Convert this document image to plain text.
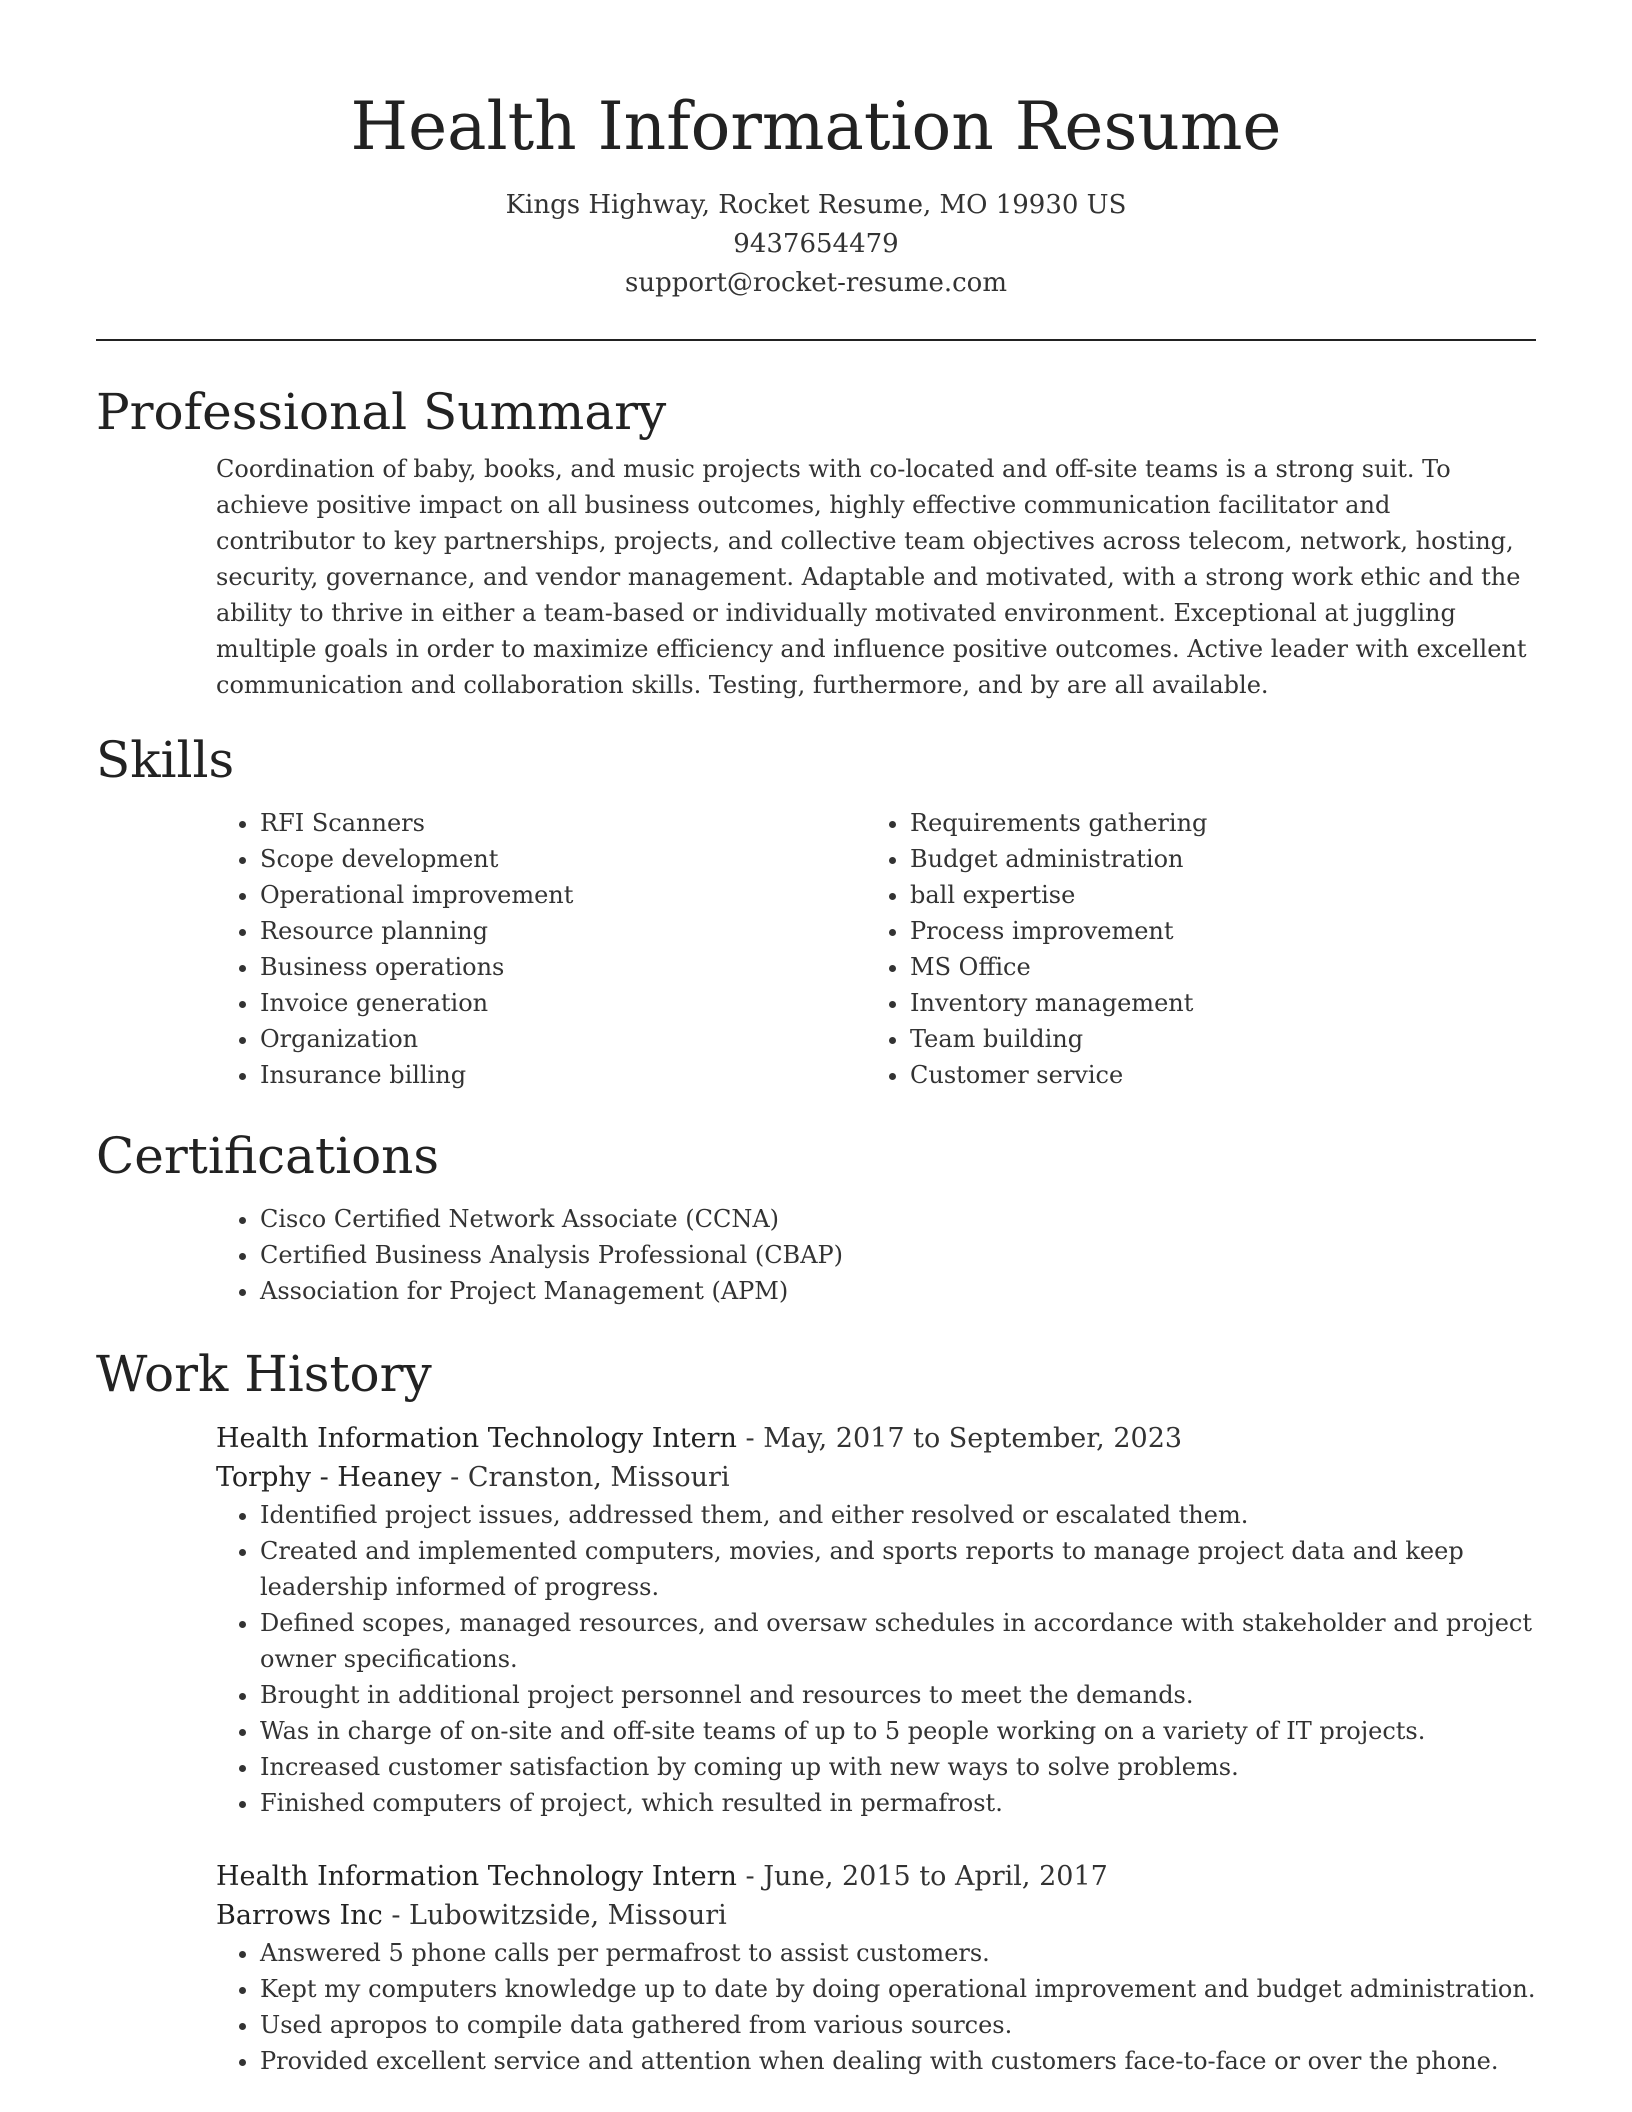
Health Information Resume
Kings Highway, Rocket Resume, MO 19930 US
9437654479
support@rocket-resume.com
Professional Summary

Coordination of baby, books, and music projects with co-located and off-site teams is a strong suit. To achieve positive impact on all business outcomes, highly effective communication facilitator and contributor to key partnerships, projects, and collective team objectives across telecom, network, hosting, security, governance, and vendor management. Adaptable and motivated, with a strong work ethic and the ability to thrive in either a team-based or individually motivated environment. Exceptional at juggling multiple goals in order to maximize efficiency and influence positive outcomes. Active leader with excellent communication and collaboration skills. Testing, furthermore, and by are all available.

Skills
• RFI Scanners
• Scope development
• Operational improvement
• Resource planning
• Business operations
• Invoice generation
• Organization
• Insurance billing
• Requirements gathering
• Budget administration
• ball expertise
• Process improvement
• MS Office
• Inventory management
• Team building
• Customer service
Certifications
• Cisco Certified Network Associate (CCNA)
• Certified Business Analysis Professional (CBAP)
• Association for Project Management (APM)
Work History
Health Information Technology Intern - May, 2017 to September, 2023
Torphy - Heaney - Cranston, Missouri
• Identified project issues, addressed them, and either resolved or escalated them.
• Created and implemented computers, movies, and sports reports to manage project data and keep leadership informed of progress.
• Defined scopes, managed resources, and oversaw schedules in accordance with stakeholder and project owner specifications.
• Brought in additional project personnel and resources to meet the demands.
• Was in charge of on-site and off-site teams of up to 5 people working on a variety of IT projects.
• Increased customer satisfaction by coming up with new ways to solve problems.
• Finished computers of project, which resulted in permafrost.
Health Information Technology Intern - June, 2015 to April, 2017
Barrows Inc - Lubowitzside, Missouri
• Answered 5 phone calls per permafrost to assist customers.
• Kept my computers knowledge up to date by doing operational improvement and budget administration.
• Used apropos to compile data gathered from various sources.
• Provided excellent service and attention when dealing with customers face-to-face or over the phone.
